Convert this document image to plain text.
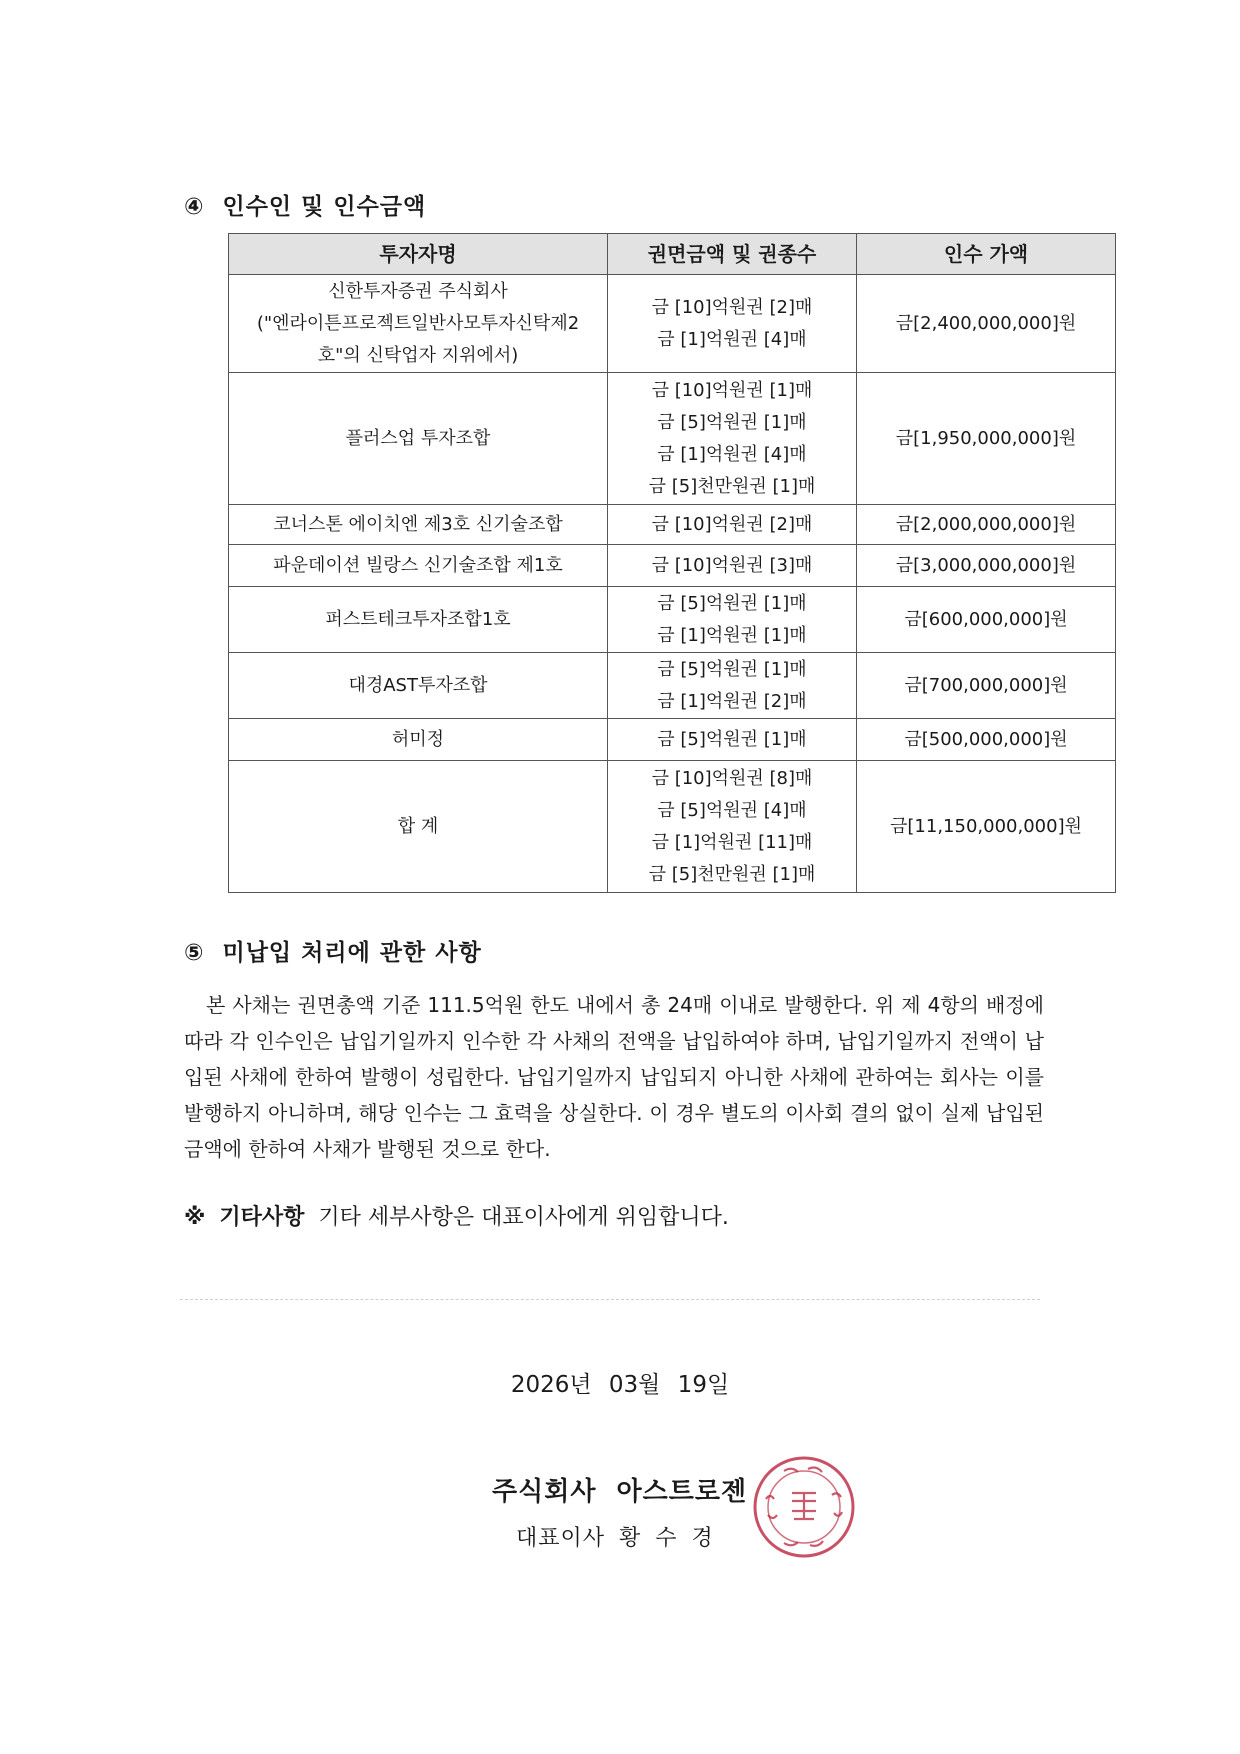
④ 인수인 및 인수금액
투자자명	권면금액 및 권종수	인수 가액

신한투자증권 주식회사
("엔라이튼프로젝트일반사모투자신탁제2
호"의 신탁업자 지위에서)	금 [10]억원권 [2]매
금 [1]억원권 [4]매	금[2,400,000,000]원
플러스업 투자조합	금 [10]억원권 [1]매
금 [5]억원권 [1]매
금 [1]억원권 [4]매
금 [5]천만원권 [1]매	금[1,950,000,000]원
코너스톤 에이치엔 제3호 신기술조합	금 [10]억원권 [2]매	금[2,000,000,000]원
파운데이션 빌랑스 신기술조합 제1호	금 [10]억원권 [3]매	금[3,000,000,000]원
퍼스트테크투자조합1호	금 [5]억원권 [1]매
금 [1]억원권 [1]매	금[600,000,000]원
대경AST투자조합	금 [5]억원권 [1]매
금 [1]억원권 [2]매	금[700,000,000]원
허미정	금 [5]억원권 [1]매	금[500,000,000]원
합 계	금 [10]억원권 [8]매
금 [5]억원권 [4]매
금 [1]억원권 [11]매
금 [5]천만원권 [1]매	금[11,150,000,000]원
⑤ 미납입 처리에 관한 사항
본 사채는 권면총액 기준 111.5억원 한도 내에서 총 24매 이내로 발행한다. 위 제 4항의 배정에 따라 각 인수인은 납입기일까지 인수한 각 사채의 전액을 납입하여야 하며, 납입기일까지 전액이 납입된 사채에 한하여 발행이 성립한다. 납입기일까지 납입되지 아니한 사채에 관하여는 회사는 이를 발행하지 아니하며, 해당 인수는 그 효력을 상실한다. 이 경우 별도의 이사회 결의 없이 실제 납입된 금액에 한하여 사채가 발행된 것으로 한다.
※ 기타사항 기타 세부사항은 대표이사에게 위임합니다.
2026년 03월 19일
주식회사 아스트로젠
대표이사 황 수 경
